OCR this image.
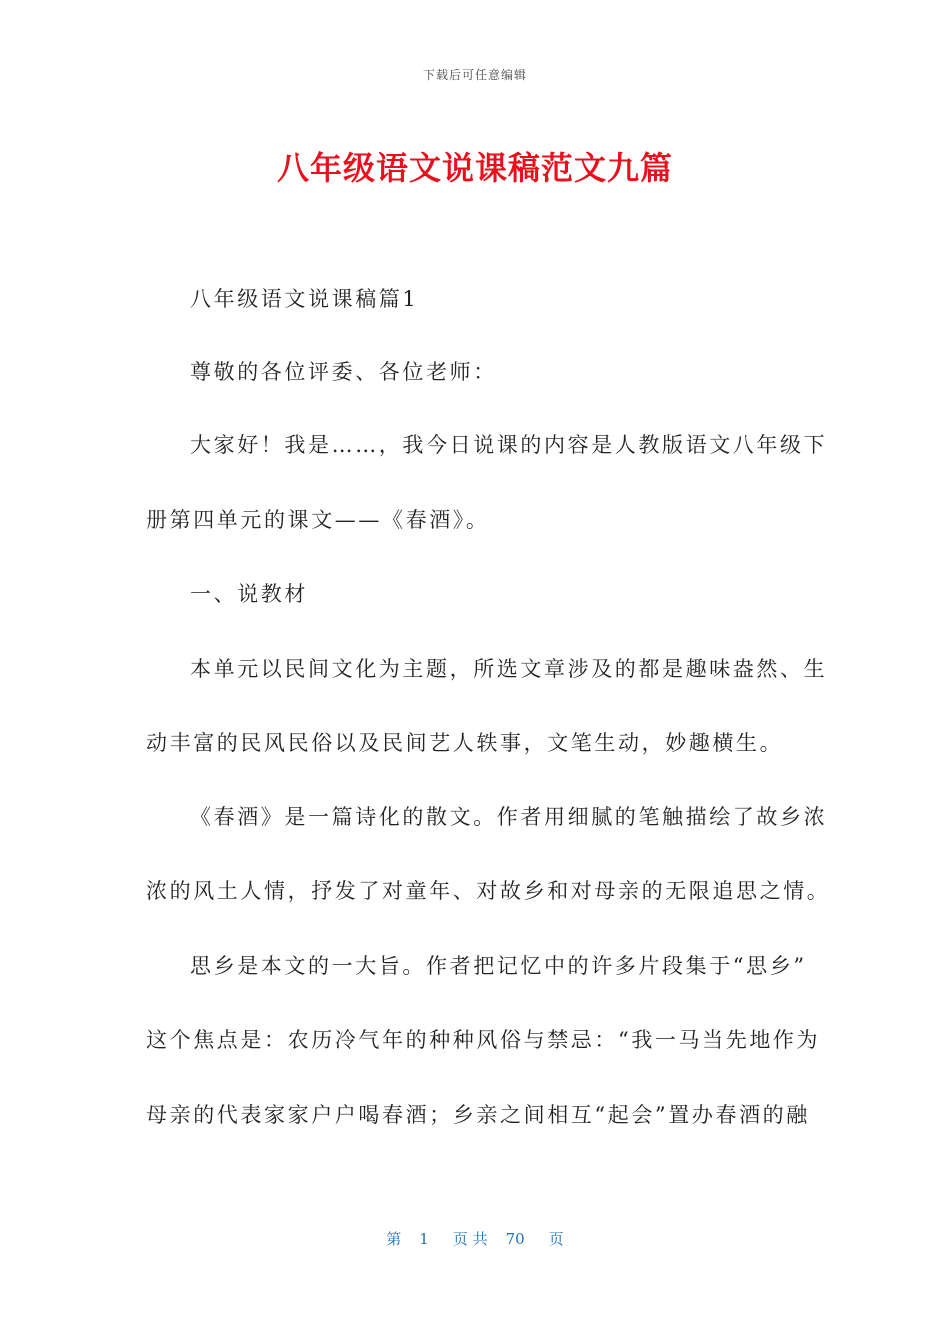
下载后可任意编辑
八年级语文说课稿范文九篇
八年级语文说课稿篇1
尊敬的各位评委、各位老师：
大家好！我是……，我今日说课的内容是人教版语文八年级下
册第四单元的课文——《春酒》。
一、说教材
本单元以民间文化为主题，所选文章涉及的都是趣味盎然、生
动丰富的民风民俗以及民间艺人轶事，文笔生动，妙趣横生。
《春酒》是一篇诗化的散文。作者用细腻的笔触描绘了故乡浓
浓的风土人情，抒发了对童年、对故乡和对母亲的无限追思之情。
思乡是本文的一大旨。作者把记忆中的许多片段集于“思乡”
这个焦点是：农历冷气年的种种风俗与禁忌：“我一马当先地作为
母亲的代表家家户户喝春酒；乡亲之间相互“起会”置办春酒的融
第 1 页 共 70 页
